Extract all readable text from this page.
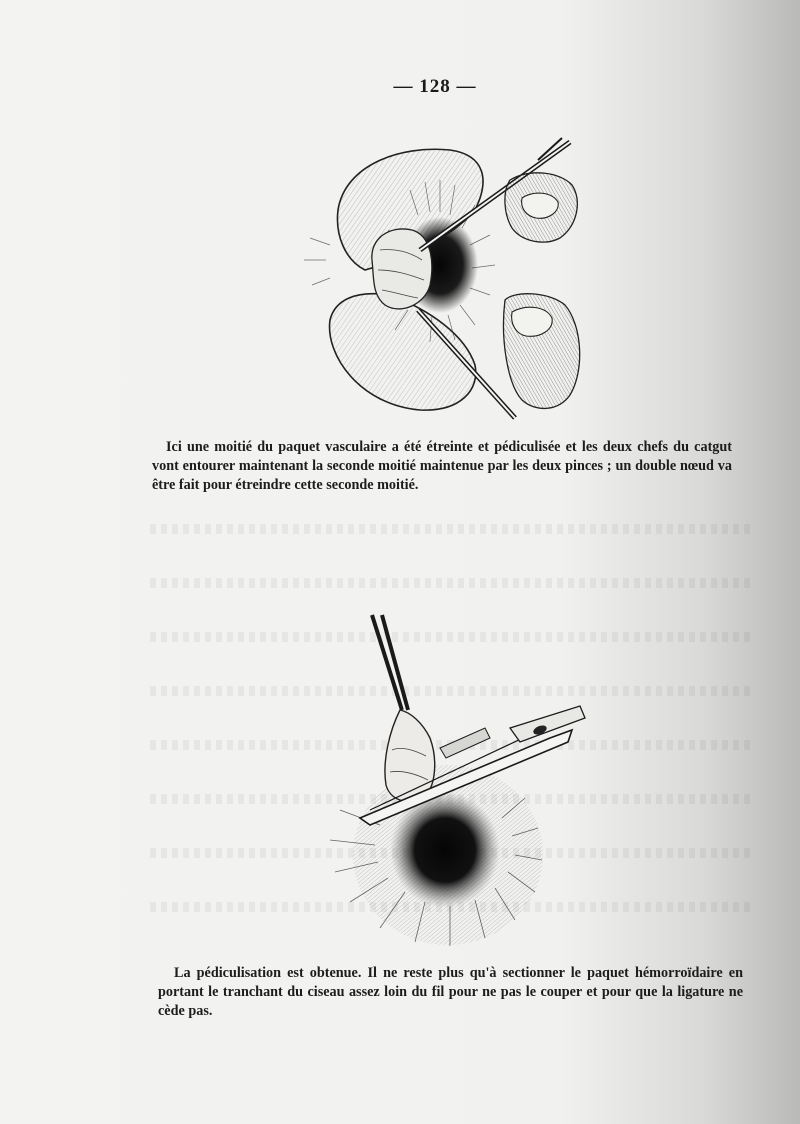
— 128 —

Ici une moitié du paquet vasculaire a été étreinte et pédiculisée et les deux chefs du catgut vont entourer maintenant la seconde moitié maintenue par les deux pinces ; un double nœud va être fait pour étreindre cette seconde moitié.

La pédiculisation est obtenue. Il ne reste plus qu'à sectionner le paquet hémorroïdaire en portant le tranchant du ciseau assez loin du fil pour ne pas le couper et pour que la ligature ne cède pas.
